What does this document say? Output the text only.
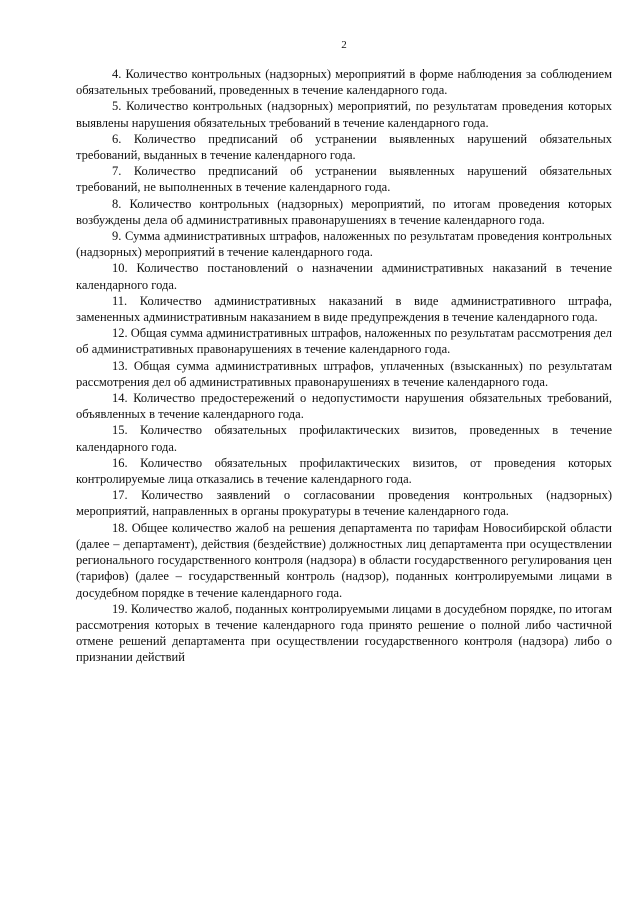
2

4. Количество контрольных (надзорных) мероприятий в форме наблюдения за соблюдением обязательных требований, проведенных в течение календарного года.

5. Количество контрольных (надзорных) мероприятий, по результатам проведения которых выявлены нарушения обязательных требований в течение календарного года.

6. Количество предписаний об устранении выявленных нарушений обязательных требований, выданных в течение календарного года.

7. Количество предписаний об устранении выявленных нарушений обязательных требований, не выполненных в течение календарного года.

8. Количество контрольных (надзорных) мероприятий, по итогам проведения которых возбуждены дела об административных правонарушениях в течение календарного года.

9. Сумма административных штрафов, наложенных по результатам проведения контрольных (надзорных) мероприятий в течение календарного года.

10. Количество постановлений о назначении административных наказаний в течение календарного года.

11. Количество административных наказаний в виде административного штрафа, замененных административным наказанием в виде предупреждения в течение календарного года.

12. Общая сумма административных штрафов, наложенных по результатам рассмотрения дел об административных правонарушениях в течение календарного года.

13. Общая сумма административных штрафов, уплаченных (взысканных) по результатам рассмотрения дел об административных правонарушениях в течение календарного года.

14. Количество предостережений о недопустимости нарушения обязательных требований, объявленных в течение календарного года.

15. Количество обязательных профилактических визитов, проведенных в течение календарного года.

16. Количество обязательных профилактических визитов, от проведения которых контролируемые лица отказались в течение календарного года.

17. Количество заявлений о согласовании проведения контрольных (надзорных) мероприятий, направленных в органы прокуратуры в течение календарного года.

18. Общее количество жалоб на решения департамента по тарифам Новосибирской области (далее – департамент), действия (бездействие) должностных лиц департамента при осуществлении регионального государственного контроля (надзора) в области государственного регулирования цен (тарифов) (далее – государственный контроль (надзор), поданных контролируемыми лицами в досудебном порядке в течение календарного года.

19. Количество жалоб, поданных контролируемыми лицами в досудебном порядке, по итогам рассмотрения которых в течение календарного года принято решение о полной либо частичной отмене решений департамента при осуществлении государственного контроля (надзора) либо о признании действий
